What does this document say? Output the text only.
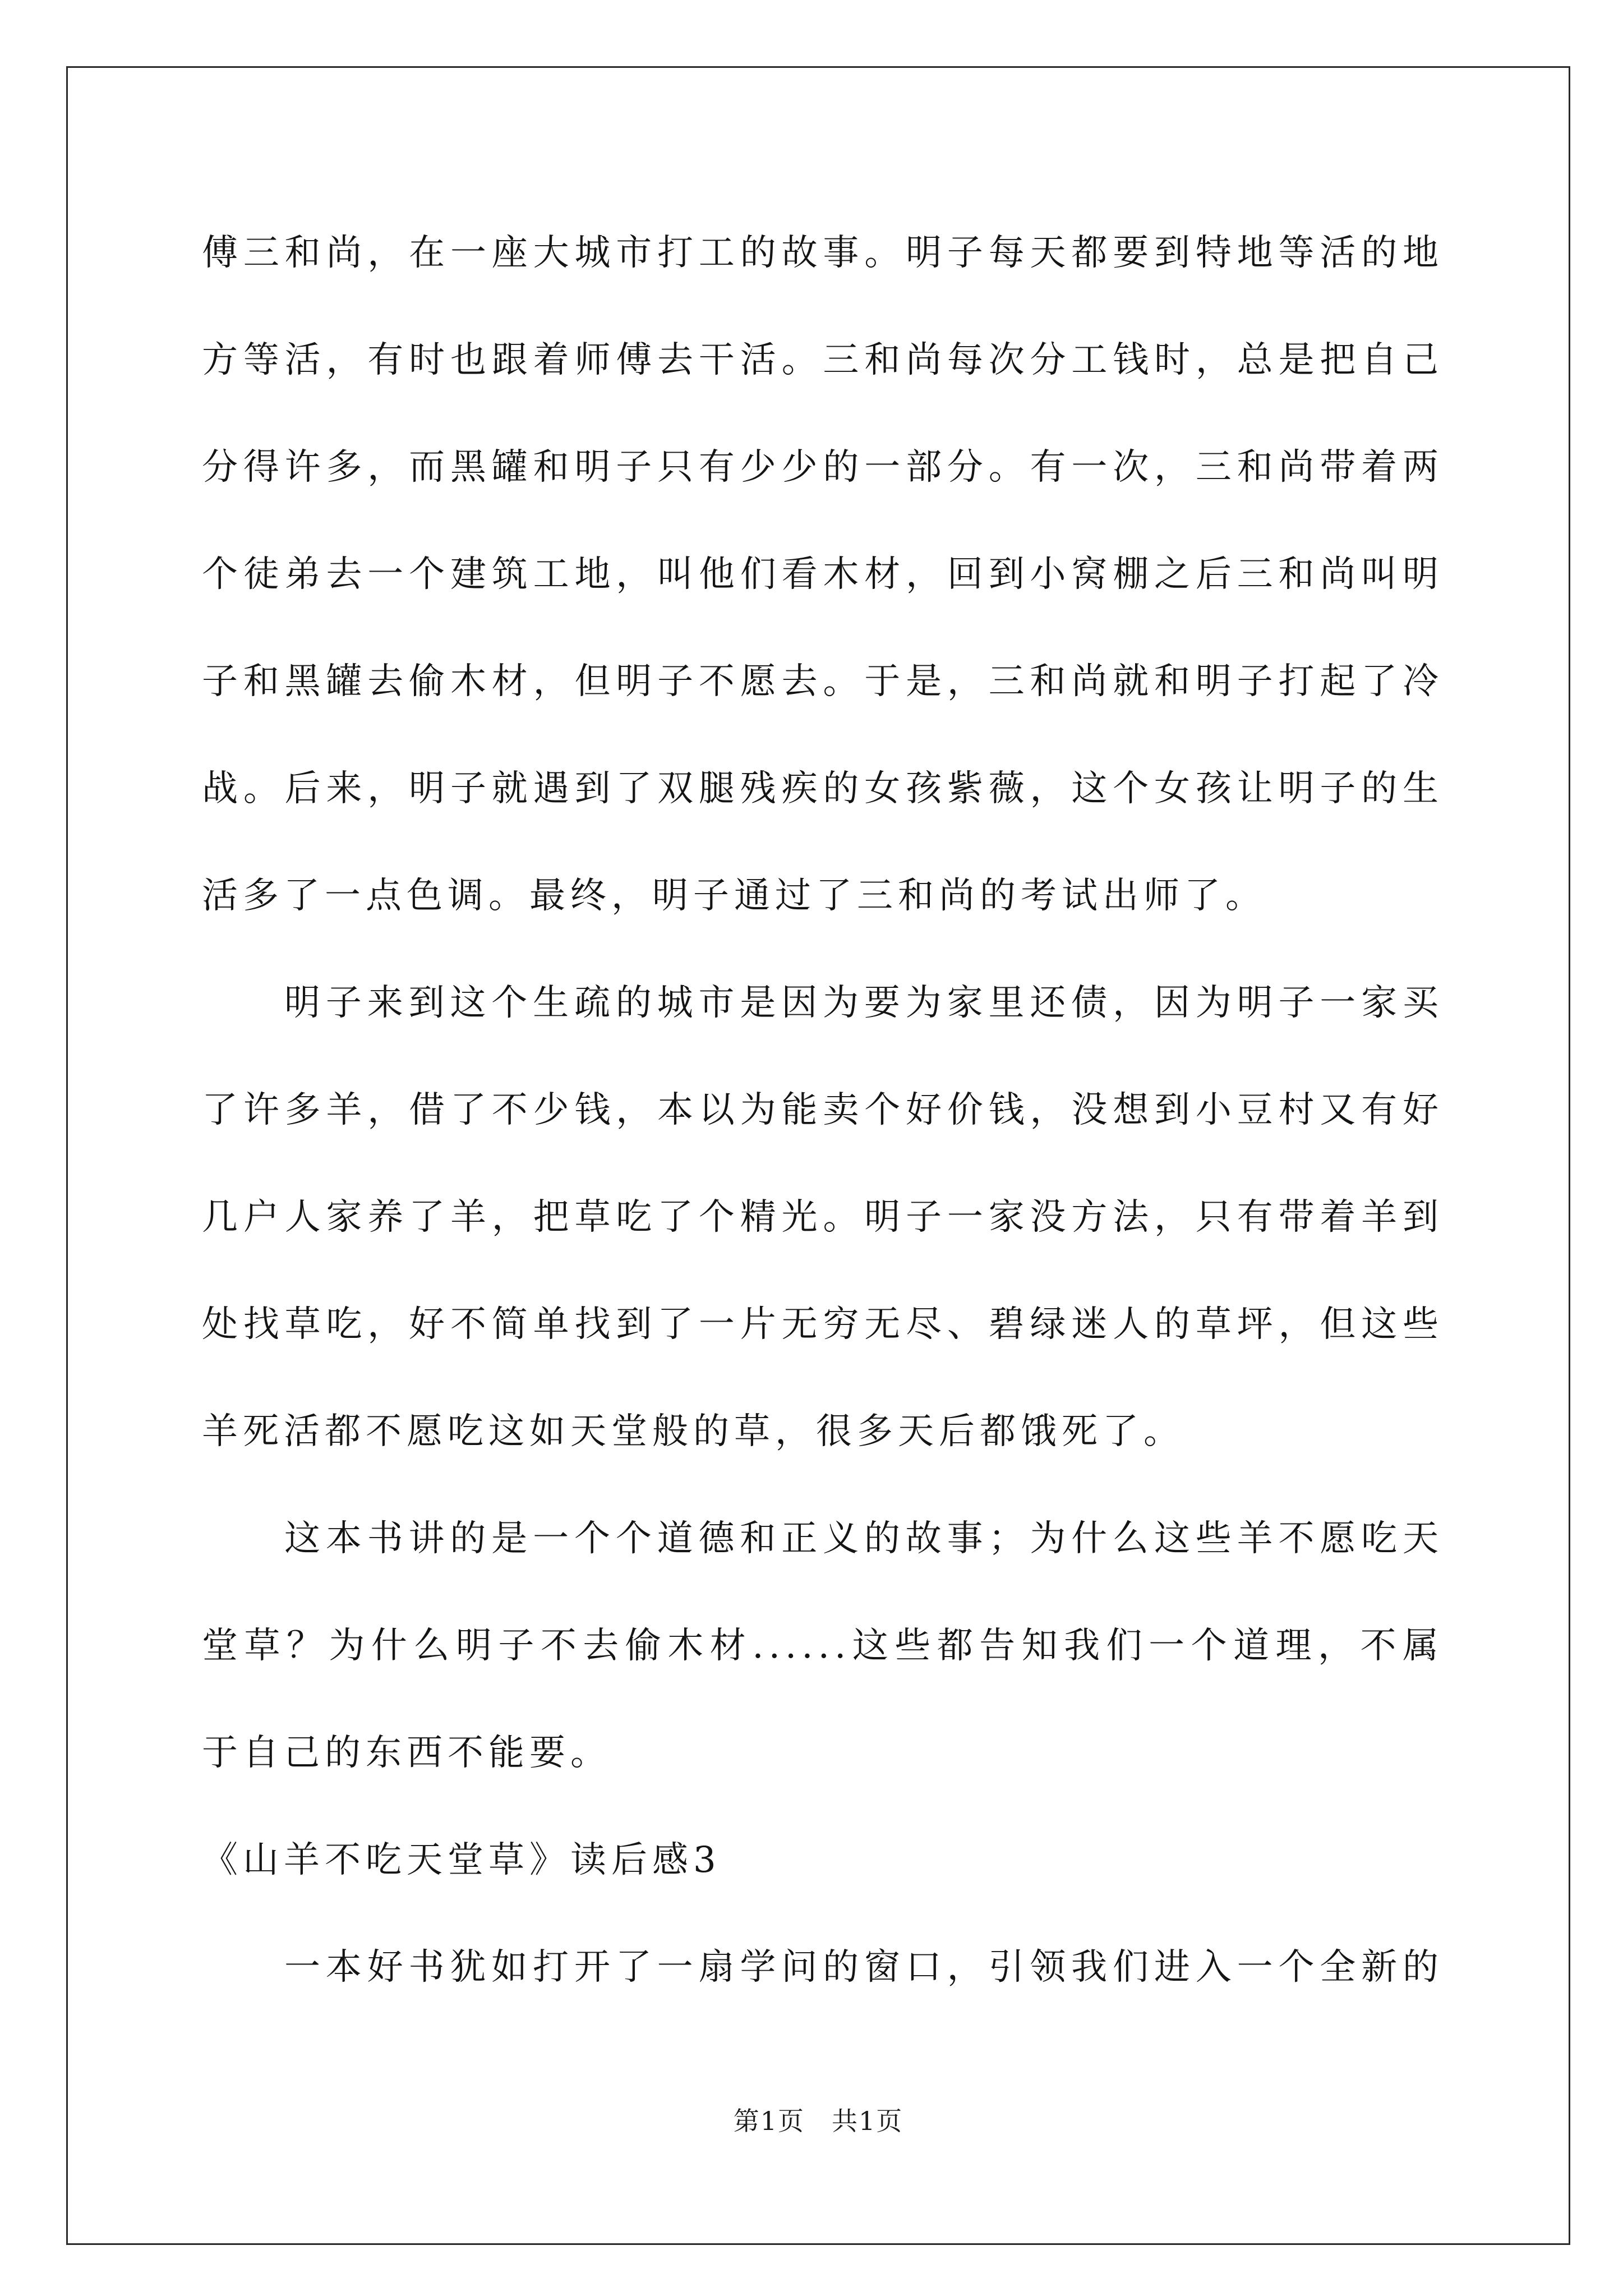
傅三和尚，在一座大城市打工的故事。明子每天都要到特地等活的地
方等活，有时也跟着师傅去干活。三和尚每次分工钱时，总是把自己
分得许多，而黑罐和明子只有少少的一部分。有一次，三和尚带着两
个徒弟去一个建筑工地，叫他们看木材，回到小窝棚之后三和尚叫明
子和黑罐去偷木材，但明子不愿去。于是，三和尚就和明子打起了冷
战。后来，明子就遇到了双腿残疾的女孩紫薇，这个女孩让明子的生
活多了一点色调。最终，明子通过了三和尚的考试出师了。
明子来到这个生疏的城市是因为要为家里还债，因为明子一家买
了许多羊，借了不少钱，本以为能卖个好价钱，没想到小豆村又有好
几户人家养了羊，把草吃了个精光。明子一家没方法，只有带着羊到
处找草吃，好不简单找到了一片无穷无尽、碧绿迷人的草坪，但这些
羊死活都不愿吃这如天堂般的草，很多天后都饿死了。
这本书讲的是一个个道德和正义的故事；为什么这些羊不愿吃天
堂草？为什么明子不去偷木材......这些都告知我们一个道理，不属
于自己的东西不能要。
《山羊不吃天堂草》读后感3
一本好书犹如打开了一扇学问的窗口，引领我们进入一个全新的
第1页　共1页
